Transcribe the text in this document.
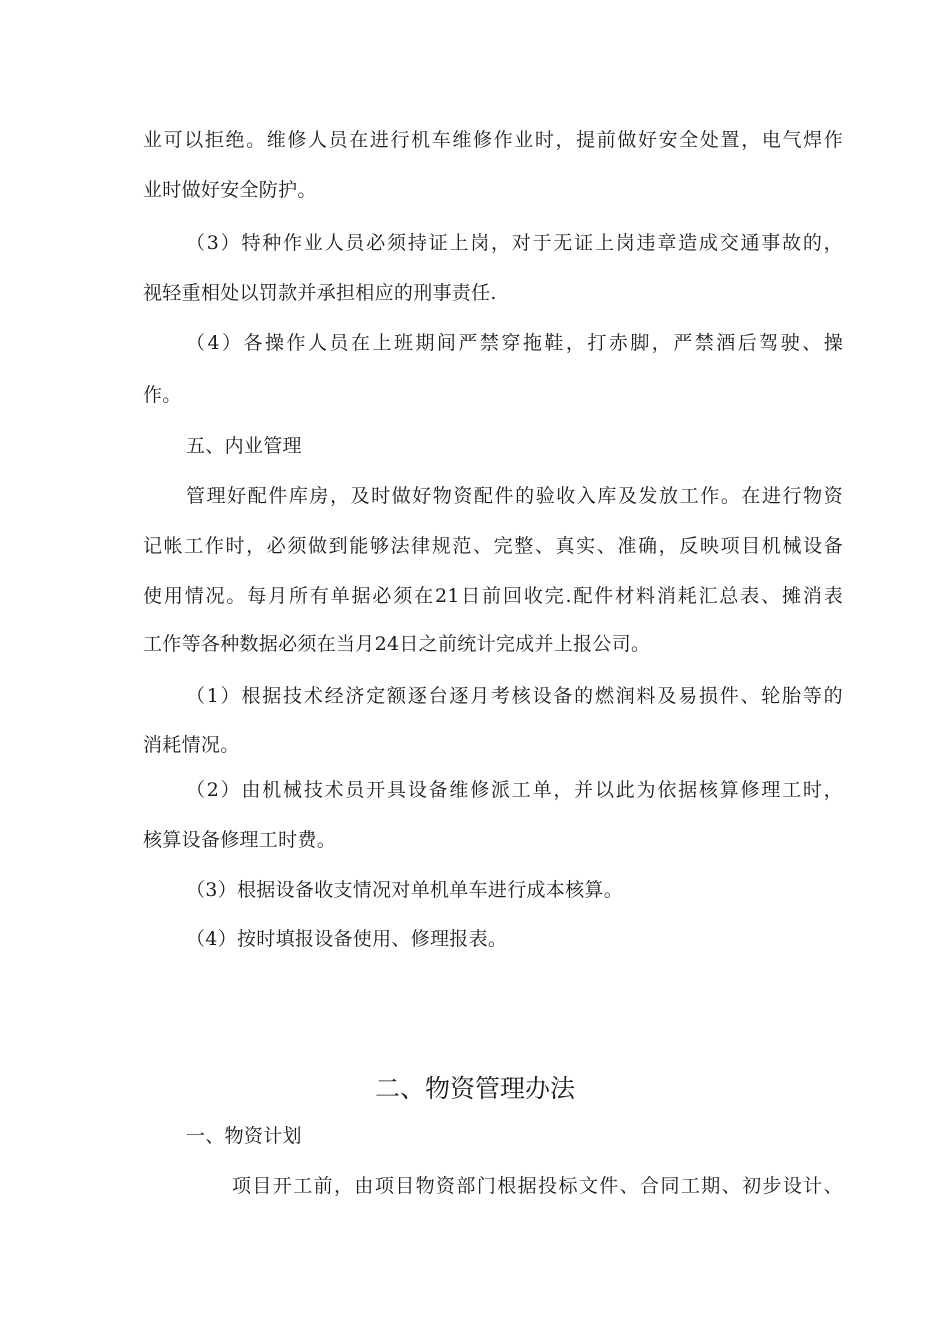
业可以拒绝。维修人员在进行机车维修作业时，提前做好安全处置，电气焊作
业时做好安全防护。
（3）特种作业人员必须持证上岗，对于无证上岗违章造成交通事故的，
视轻重相处以罚款并承担相应的刑事责任.
（4）各操作人员在上班期间严禁穿拖鞋，打赤脚，严禁酒后驾驶、操
作。
五、内业管理
管理好配件库房，及时做好物资配件的验收入库及发放工作。在进行物资
记帐工作时，必须做到能够法律规范、完整、真实、准确，反映项目机械设备
使用情况。每月所有单据必须在21日前回收完.配件材料消耗汇总表、摊消表
工作等各种数据必须在当月24日之前统计完成并上报公司。
（1）根据技术经济定额逐台逐月考核设备的燃润料及易损件、轮胎等的
消耗情况。
（2）由机械技术员开具设备维修派工单，并以此为依据核算修理工时，
核算设备修理工时费。
（3）根据设备收支情况对单机单车进行成本核算。
（4）按时填报设备使用、修理报表。
二、物资管理办法
一、物资计划
项目开工前，由项目物资部门根据投标文件、合同工期、初步设计、
